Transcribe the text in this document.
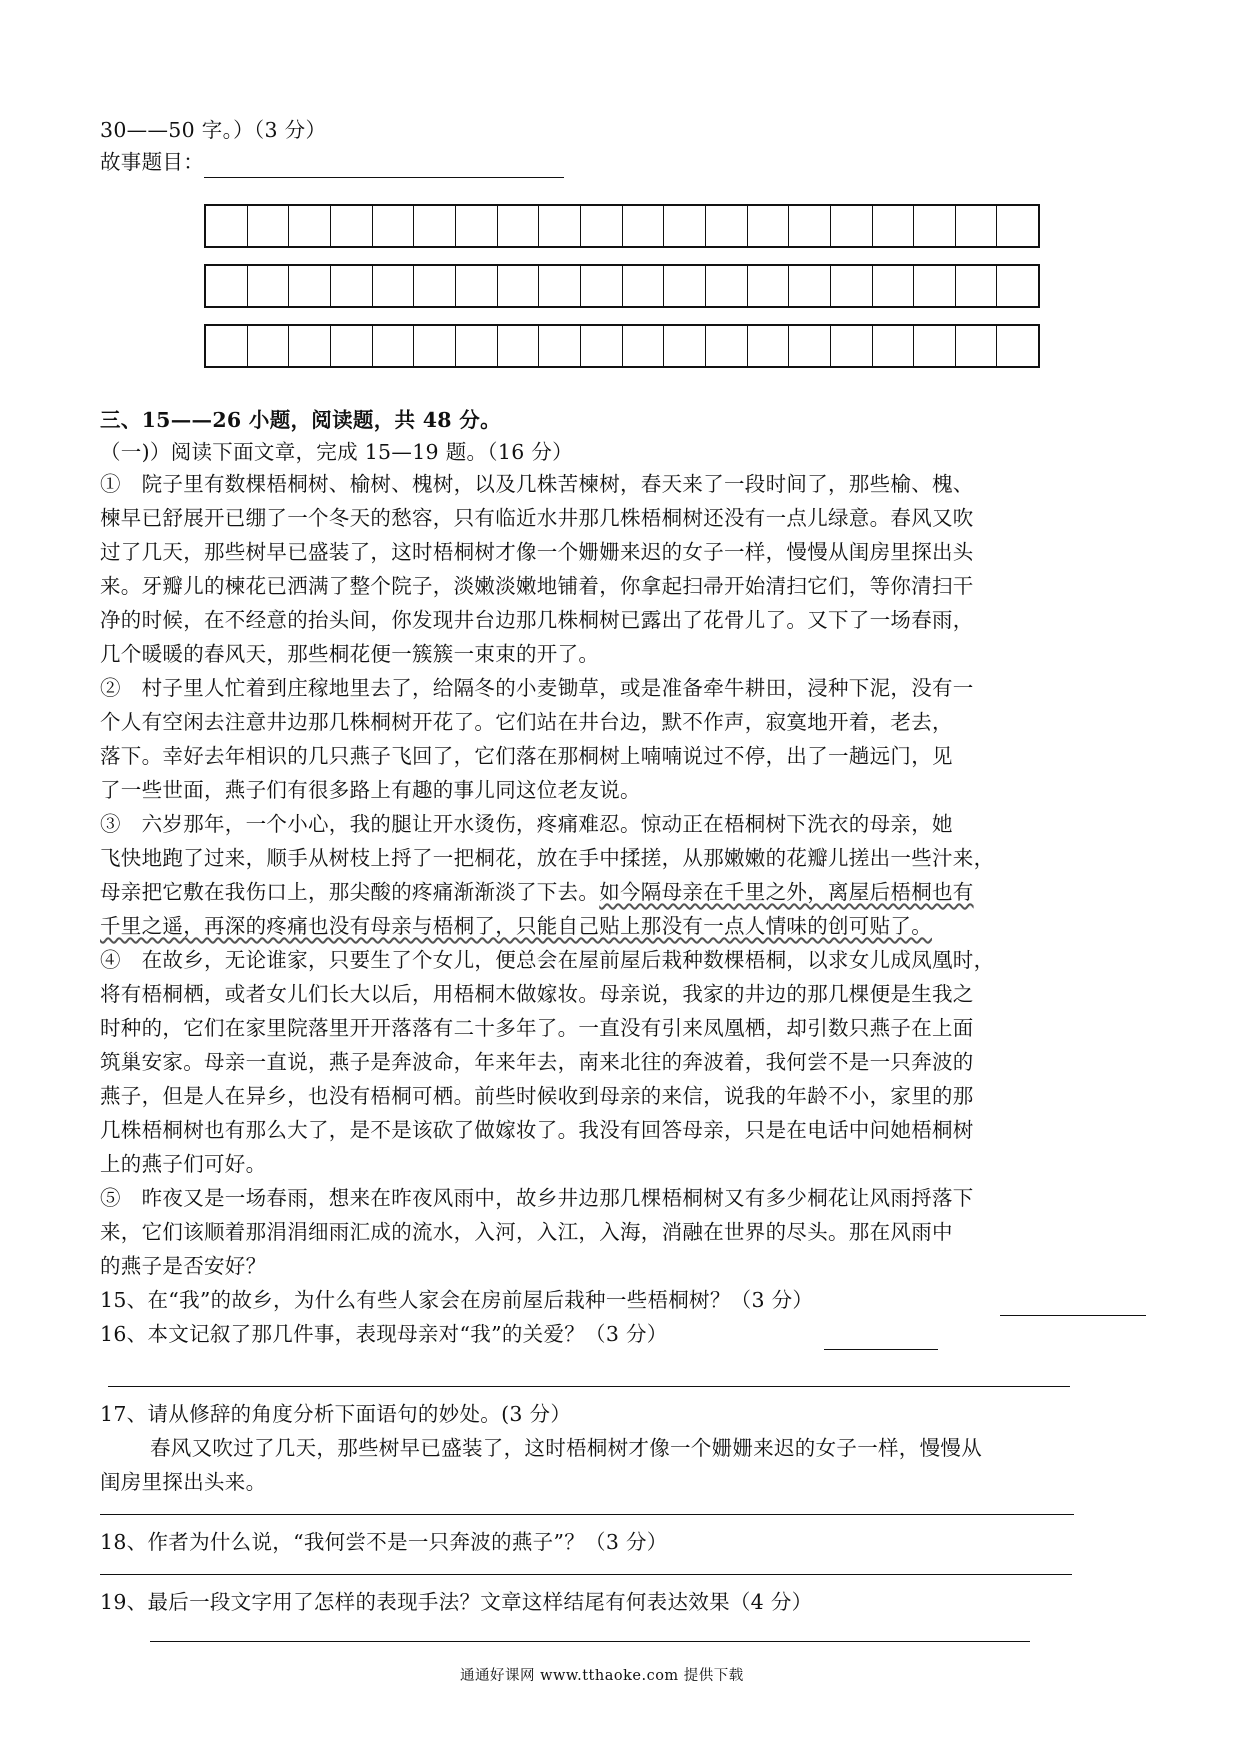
30——50 字。）（3 分）
故事题目：
三、15——26 小题，阅读题，共 48 分。
（一)）阅读下面文章，完成 15—19 题。（16 分）
①　院子里有数棵梧桐树、榆树、槐树，以及几株苦楝树，春天来了一段时间了，那些榆、槐、
楝早已舒展开已绷了一个冬天的愁容，只有临近水井那几株梧桐树还没有一点儿绿意。春风又吹
过了几天，那些树早已盛装了，这时梧桐树才像一个姗姗来迟的女子一样，慢慢从闺房里探出头
来。牙瓣儿的楝花已洒满了整个院子，淡嫩淡嫩地铺着，你拿起扫帚开始清扫它们，等你清扫干
净的时候，在不经意的抬头间，你发现井台边那几株桐树已露出了花骨儿了。又下了一场春雨，
几个暖暖的春风天，那些桐花便一簇簇一束束的开了。
②　村子里人忙着到庄稼地里去了，给隔冬的小麦锄草，或是准备牵牛耕田，浸种下泥，没有一
个人有空闲去注意井边那几株桐树开花了。它们站在井台边，默不作声，寂寞地开着，老去，
落下。幸好去年相识的几只燕子飞回了，它们落在那桐树上喃喃说过不停，出了一趟远门，见
了一些世面，燕子们有很多路上有趣的事儿同这位老友说。
③　六岁那年，一个小心，我的腿让开水烫伤，疼痛难忍。惊动正在梧桐树下洗衣的母亲，她
飞快地跑了过来，顺手从树枝上捋了一把桐花，放在手中揉搓，从那嫩嫩的花瓣儿搓出一些汁来，
母亲把它敷在我伤口上，那尖酸的疼痛渐渐淡了下去。如今隔母亲在千里之外，离屋后梧桐也有
千里之遥，再深的疼痛也没有母亲与梧桐了，只能自己贴上那没有一点人情味的创可贴了。
④　在故乡，无论谁家，只要生了个女儿，便总会在屋前屋后栽种数棵梧桐，以求女儿成凤凰时，
将有梧桐栖，或者女儿们长大以后，用梧桐木做嫁妆。母亲说，我家的井边的那几棵便是生我之
时种的，它们在家里院落里开开落落有二十多年了。一直没有引来凤凰栖，却引数只燕子在上面
筑巢安家。母亲一直说，燕子是奔波命，年来年去，南来北往的奔波着，我何尝不是一只奔波的
燕子，但是人在异乡，也没有梧桐可栖。前些时候收到母亲的来信，说我的年龄不小，家里的那
几株梧桐树也有那么大了，是不是该砍了做嫁妆了。我没有回答母亲，只是在电话中问她梧桐树
上的燕子们可好。
⑤　昨夜又是一场春雨，想来在昨夜风雨中，故乡井边那几棵梧桐树又有多少桐花让风雨捋落下
来，它们该顺着那涓涓细雨汇成的流水，入河，入江，入海，消融在世界的尽头。那在风雨中
的燕子是否安好？
15、在“我”的故乡，为什么有些人家会在房前屋后栽种一些梧桐树？（3 分）
16、本文记叙了那几件事，表现母亲对“我”的关爱？（3 分）
17、请从修辞的角度分析下面语句的妙处。(3 分）
春风又吹过了几天，那些树早已盛装了，这时梧桐树才像一个姗姗来迟的女子一样，慢慢从
闺房里探出头来。
18、作者为什么说，“我何尝不是一只奔波的燕子”？（3 分）
19、最后一段文字用了怎样的表现手法？文章这样结尾有何表达效果（4 分）
通通好课网 www.tthaoke.com 提供下载
